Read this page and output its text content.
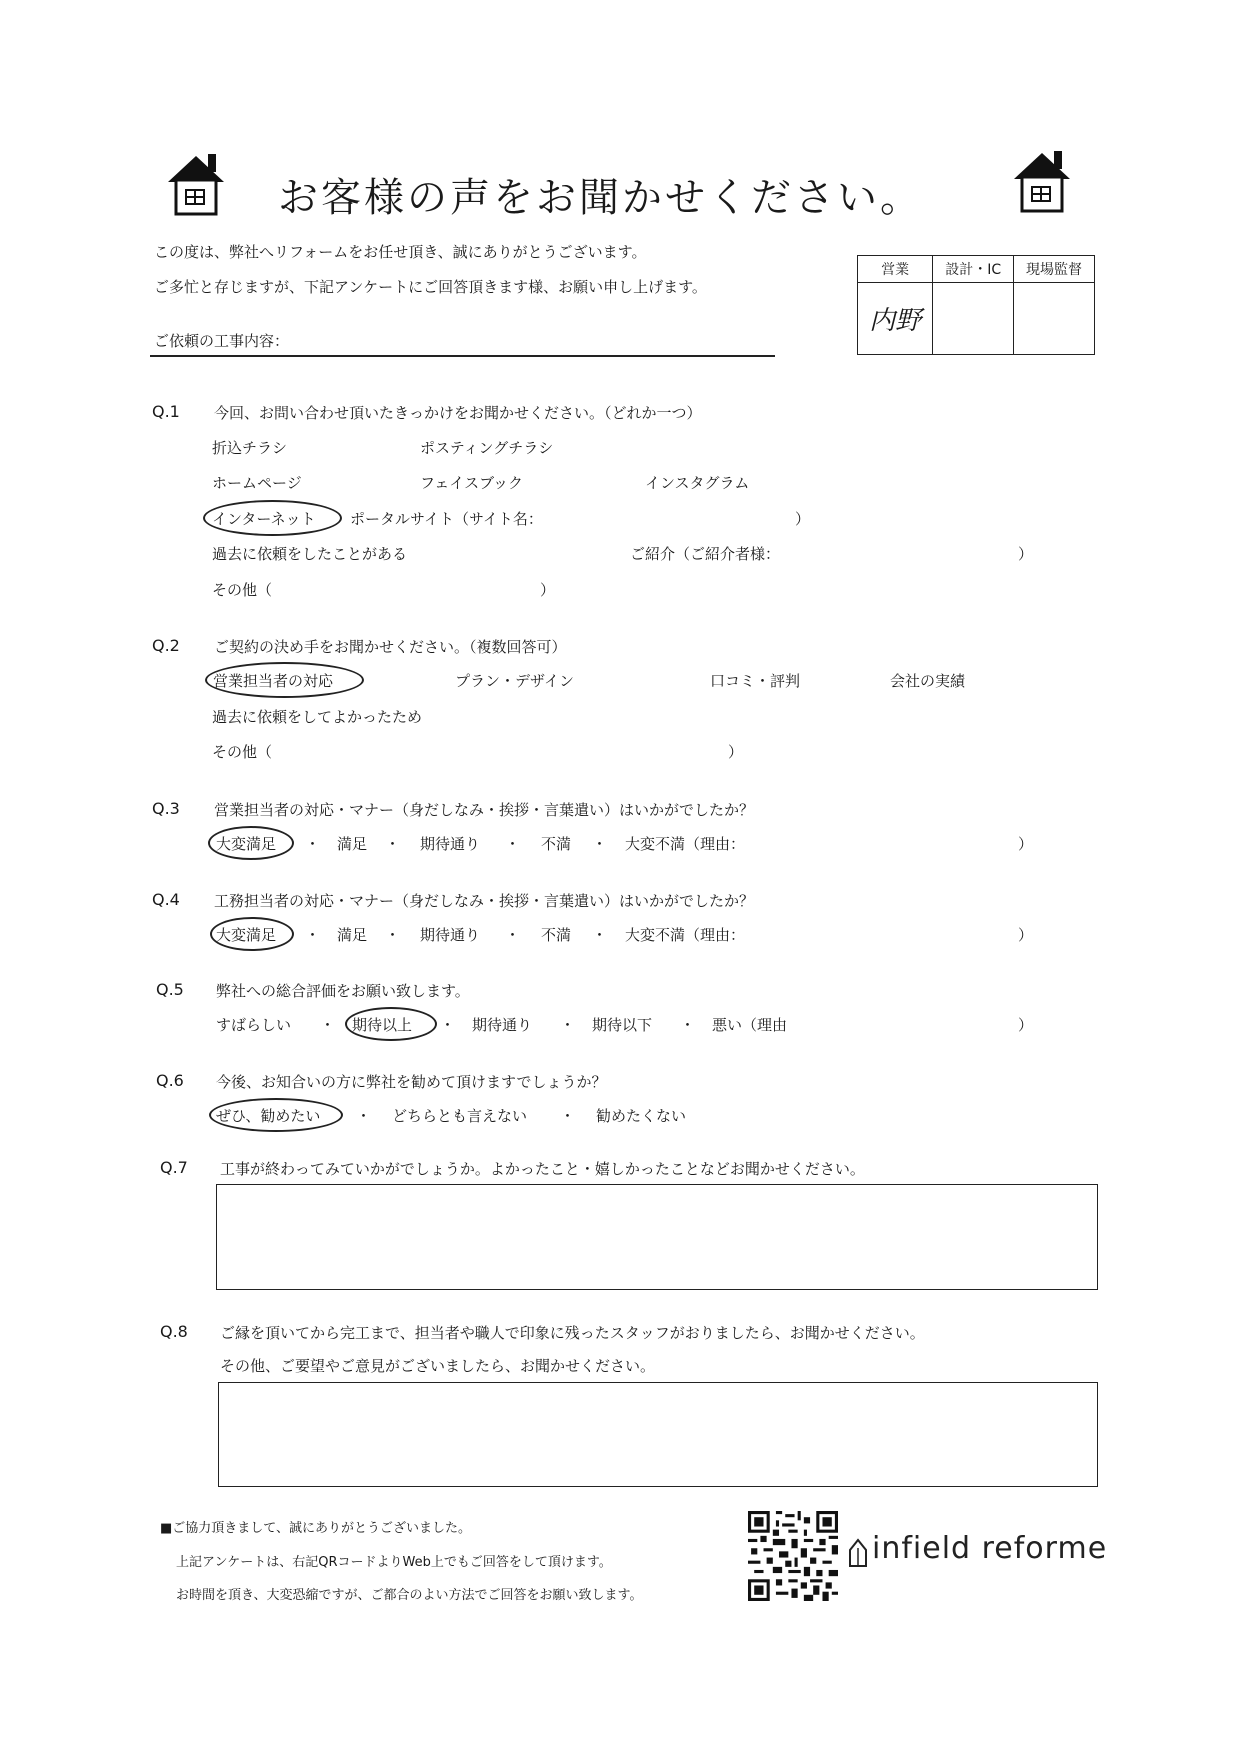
お客様の声をお聞かせください。
この度は、弊社へリフォームをお任せ頂き、誠にありがとうございます。
ご多忙と存じますが、下記アンケートにご回答頂きます様、お願い申し上げます。
ご依頼の工事内容：
営業	設計・IC	現場監督
内野		
Q.1 今回、お問い合わせ頂いたきっかけをお聞かせください。（どれか一つ）
折込チラシ	ポスティングチラシ
ホームページ	フェイスブック	インスタグラム
インターネット ポータルサイト（サイト名：	）
過去に依頼をしたことがある	ご紹介（ご紹介者様：	）
その他（	）
Q.2 ご契約の決め手をお聞かせください。（複数回答可）
営業担当者の対応	プラン・デザイン	口コミ・評判	会社の実績
過去に依頼をしてよかったため
その他（	）
Q.3 営業担当者の対応・マナー（身だしなみ・挨拶・言葉遣い）はいかがでしたか？
大変満足 ・ 満足 ・ 期待通り ・ 不満 ・ 大変不満（理由：	）
Q.4 工務担当者の対応・マナー（身だしなみ・挨拶・言葉遣い）はいかがでしたか？
大変満足 ・ 満足 ・ 期待通り ・ 不満 ・ 大変不満（理由：	）
Q.5 弊社への総合評価をお願い致します。
すばらしい ・ 期待以上 ・ 期待通り ・ 期待以下 ・ 悪い（理由	）
Q.6 今後、お知合いの方に弊社を勧めて頂けますでしょうか？
ぜひ、勧めたい ・ どちらとも言えない ・ 勧めたくない
Q.7 工事が終わってみていかがでしょうか。よかったこと・嬉しかったことなどお聞かせください。
Q.8 ご縁を頂いてから完工まで、担当者や職人で印象に残ったスタッフがおりましたら、お聞かせください。
その他、ご要望やご意見がございましたら、お聞かせください。
■ご協力頂きまして、誠にありがとうございました。
上記アンケートは、右記QRコードよりWeb上でもご回答をして頂けます。
お時間を頂き、大変恐縮ですが、ご都合のよい方法でご回答をお願い致します。
infield reforme
